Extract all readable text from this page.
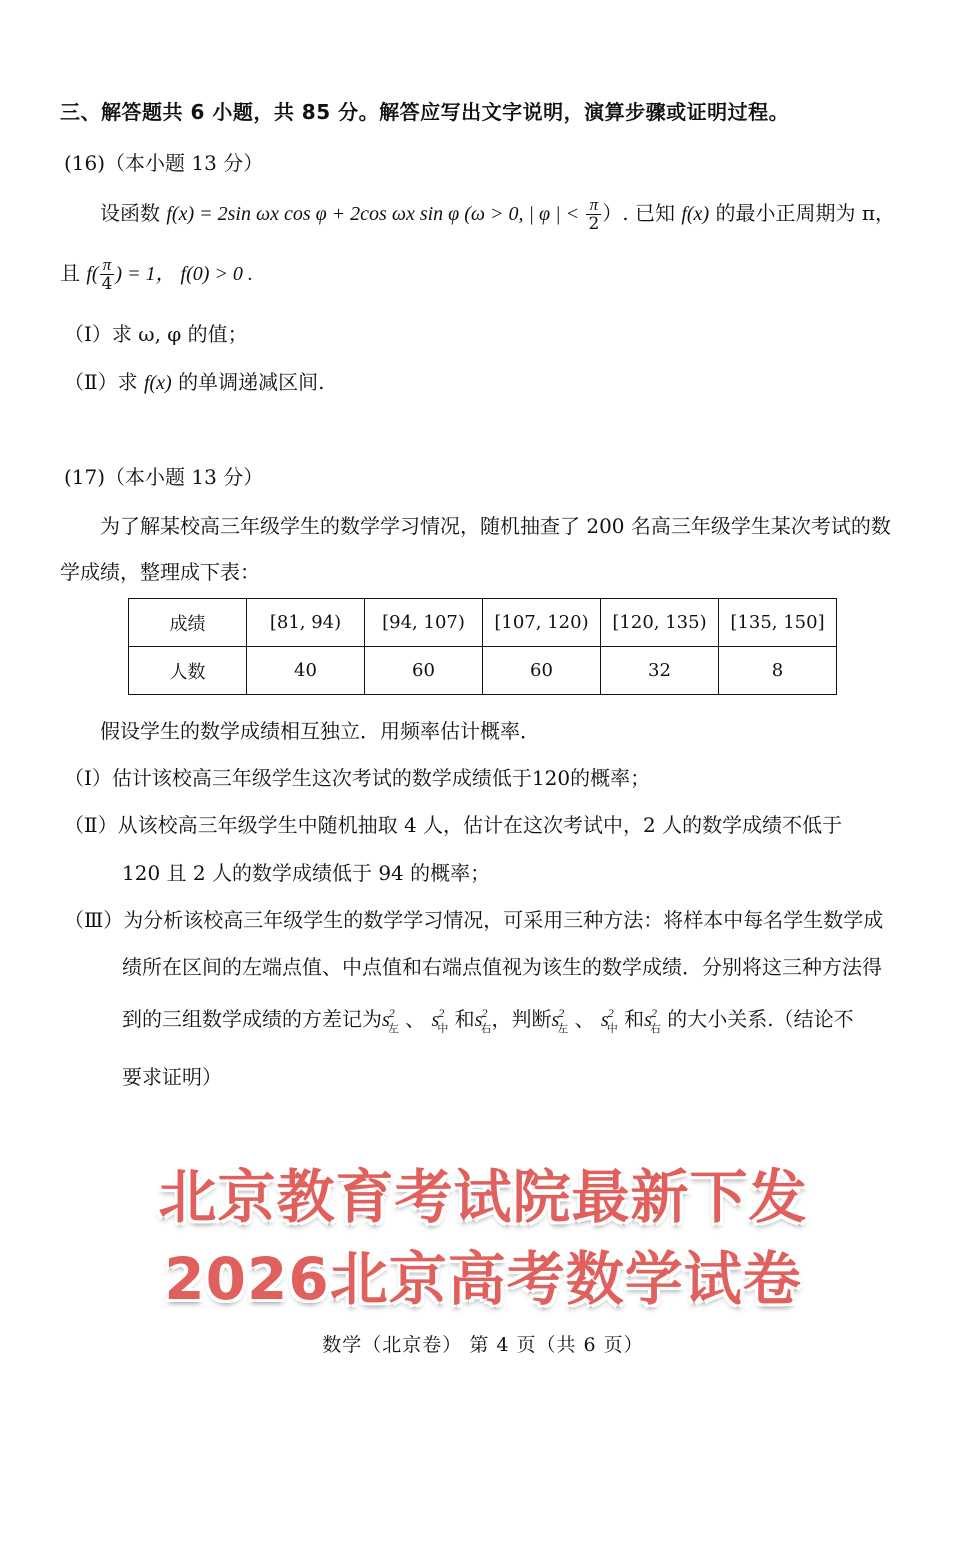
三、解答题共 6 小题，共 85 分。解答应写出文字说明，演算步骤或证明过程。
(16)（本小题 13 分）
设函数 f(x) = 2sin ωx cos φ + 2cos ωx sin φ (ω > 0, | φ | < $\frac{\pi}{2}$ ）. 已知 f(x) 的最小正周期为 π，
且 $f( \frac{\pi}{4}$ ) = 1， f(0) > 0 .
（Ⅰ）求 ω, φ 的值；
（Ⅱ）求 f(x) 的单调递减区间.
(17)（本小题 13 分）
为了解某校高三年级学生的数学学习情况，随机抽查了 200 名高三年级学生某次考试的数
学成绩，整理成下表：
成绩	[81, 94)	[94, 107)	[107, 120)	[120, 135)	[135, 150]
人数	40	60	60	32	8
假设学生的数学成绩相互独立．用频率估计概率．
（Ⅰ）估计该校高三年级学生这次考试的数学成绩低于120的概率；
（Ⅱ）从该校高三年级学生中随机抽取 4 人，估计在这次考试中，2 人的数学成绩不低于
120 且 2 人的数学成绩低于 94 的概率；
（Ⅲ）为分析该校高三年级学生的数学学习情况，可采用三种方法：将样本中每名学生数学成
绩所在区间的左端点值、中点值和右端点值视为该生的数学成绩．分别将这三种方法得
到的三组数学成绩的方差记为$s^2_左$ 、 $s^2_中$ 和$s^2_右$，判断$s^2_左$ 、 $s^2_中$ 和$s^2_右$ 的大小关系.（结论不
要求证明）
北京教育考试院最新下发
2026北京高考数学试卷
数学（北京卷） 第 4 页（共 6 页）
